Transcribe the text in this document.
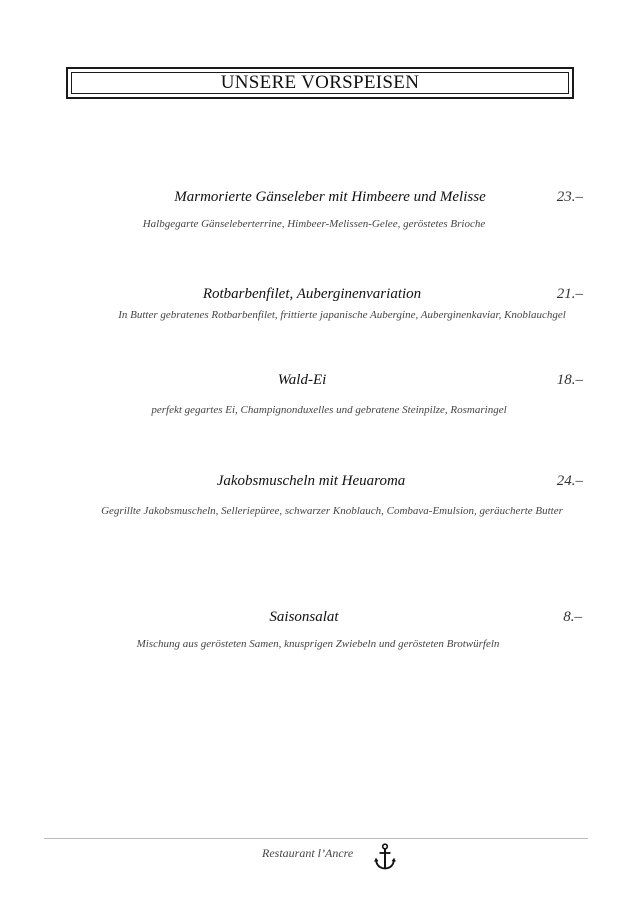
UNSERE VORSPEISEN
Marmorierte Gänseleber mit Himbeere und Melisse	23.–
Halbgegarte Gänseleberterrine, Himbeer-Melissen-Gelee, geröstetes Brioche
Rotbarbenfilet, Auberginenvariation	21.–
In Butter gebratenes Rotbarbenfilet, frittierte japanische Aubergine, Auberginenkaviar, Knoblauchgel
Wald-Ei	18.–
perfekt gegartes Ei, Champignonduxelles und gebratene Steinpilze, Rosmaringel
Jakobsmuscheln mit Heuaroma	24.–
Gegrillte Jakobsmuscheln, Selleriepüree, schwarzer Knoblauch, Combava-Emulsion, geräucherte Butter
Saisonsalat	8.–
Mischung aus gerösteten Samen, knusprigen Zwiebeln und gerösteten Brotwürfeln
Restaurant l’Ancre
